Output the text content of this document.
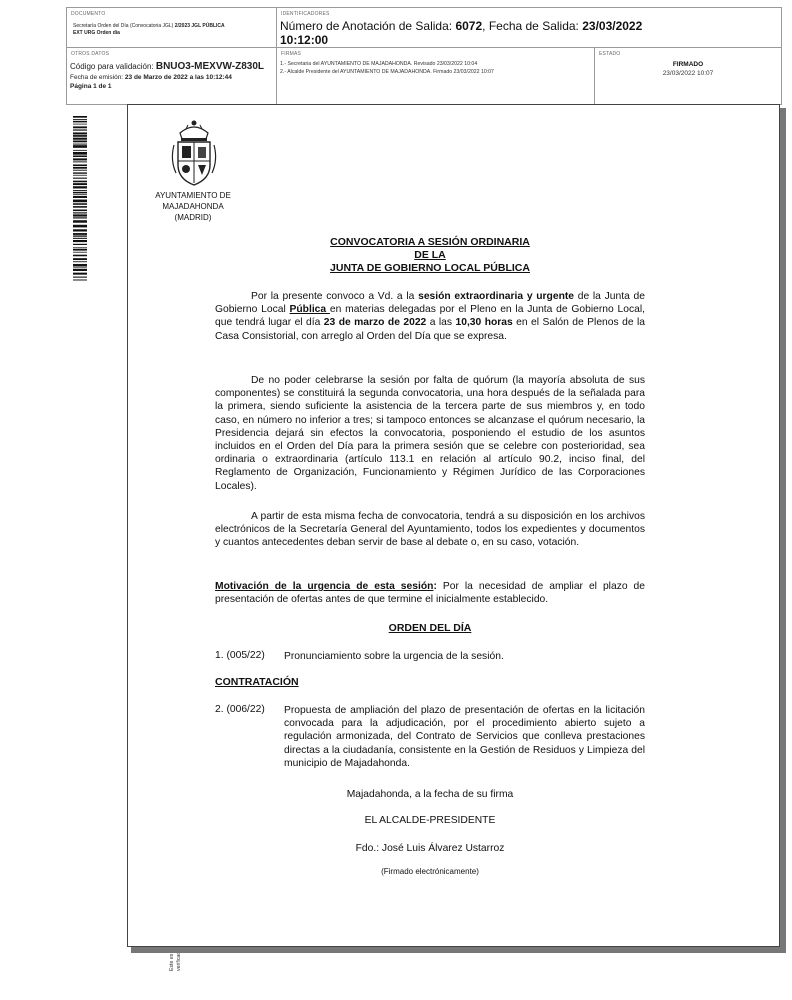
DOCUMENTO
Secretaría Orden del Día (Convocatoria JGL) 2/2023 JGL PÚBLICA
EXT URG Orden día
IDENTIFICADORES
Número de Anotación de Salida: 6072, Fecha de Salida: 23/03/2022
10:12:00
OTROS DATOS
Código para validación: BNUO3-MEXVW-Z830L
Fecha de emisión: 23 de Marzo de 2022 a las 10:12:44
Página 1 de 1
FIRMAS
1.- Secretaria del AYUNTAMIENTO DE MAJADAHONDA. Revisado 23/03/2022 10:04
2.- Alcalde Presidente del AYUNTAMIENTO DE MAJADAHONDA. Firmado 23/03/2022 10:07
ESTADO
FIRMADO
23/03/2022 10:07
AYUNTAMIENTO DE
MAJADAHONDA
(MADRID)
CONVOCATORIA A SESIÓN ORDINARIA
DE LA
JUNTA DE GOBIERNO LOCAL PÚBLICA
Por la presente convoco a Vd. a la sesión extraordinaria y urgente de la Junta de Gobierno Local Pública en materias delegadas por el Pleno en la Junta de Gobierno Local, que tendrá lugar el día 23 de marzo de 2022 a las 10,30 horas en el Salón de Plenos de la Casa Consistorial, con arreglo al Orden del Día que se expresa.
De no poder celebrarse la sesión por falta de quórum (la mayoría absoluta de sus componentes) se constituirá la segunda convocatoria, una hora después de la señalada para la primera, siendo suficiente la asistencia de la tercera parte de sus miembros y, en todo caso, en número no inferior a tres; si tampoco entonces se alcanzase el quórum necesario, la Presidencia dejará sin efectos la convocatoria, posponiendo el estudio de los asuntos incluidos en el Orden del Día para la primera sesión que se celebre con posterioridad, sea ordinaria o extraordinaria (artículo 113.1 en relación al artículo 90.2, inciso final, del Reglamento de Organización, Funcionamiento y Régimen Jurídico de las Corporaciones Locales).
A partir de esta misma fecha de convocatoria, tendrá a su disposición en los archivos electrónicos de la Secretaría General del Ayuntamiento, todos los expedientes y documentos y cuantos antecedentes deban servir de base al debate o, en su caso, votación.
Motivación de la urgencia de esta sesión: Por la necesidad de ampliar el plazo de presentación de ofertas antes de que termine el inicialmente establecido.
ORDEN DEL DÍA
1. (005/22) Pronunciamiento sobre la urgencia de la sesión.
CONTRATACIÓN
2. (006/22) Propuesta de ampliación del plazo de presentación de ofertas en la licitación convocada para la adjudicación, por el procedimiento abierto sujeto a regulación armonizada, del Contrato de Servicios que conlleva prestaciones directas a la ciudadanía, consistente en la Gestión de Residuos y Limpieza del municipio de Majadahonda.
Majadahonda, a la fecha de su firma
EL ALCALDE-PRESIDENTE
Fdo.: José Luis Álvarez Ustarroz
(Firmado electrónicamente)
